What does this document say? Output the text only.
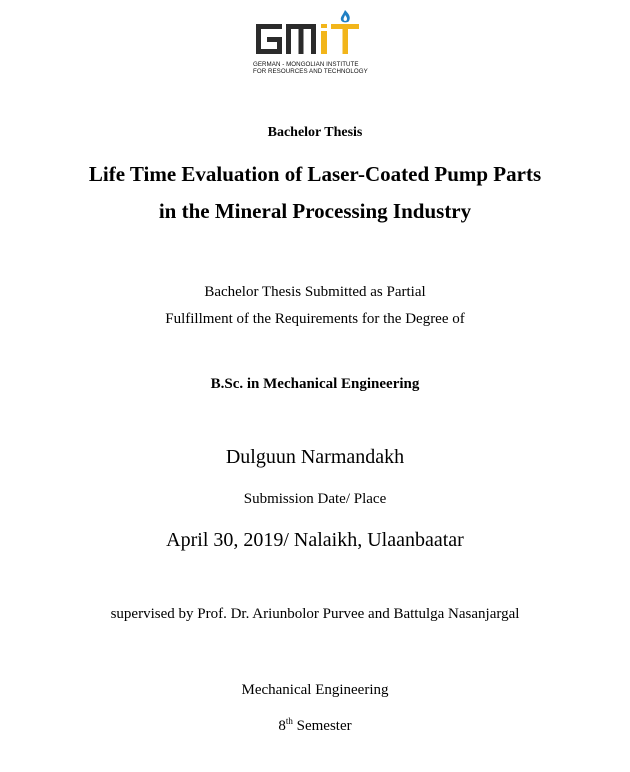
GERMAN - MONGOLIAN INSTITUTE
FOR RESOURCES AND TECHNOLOGY
Bachelor Thesis
Life Time Evaluation of Laser-Coated Pump Parts
in the Mineral Processing Industry
Bachelor Thesis Submitted as Partial
Fulfillment of the Requirements for the Degree of
B.Sc. in Mechanical Engineering
Dulguun Narmandakh
Submission Date/ Place
April 30, 2019/ Nalaikh, Ulaanbaatar
supervised by Prof. Dr. Ariunbolor Purvee and Battulga Nasanjargal
Mechanical Engineering
8th Semester
